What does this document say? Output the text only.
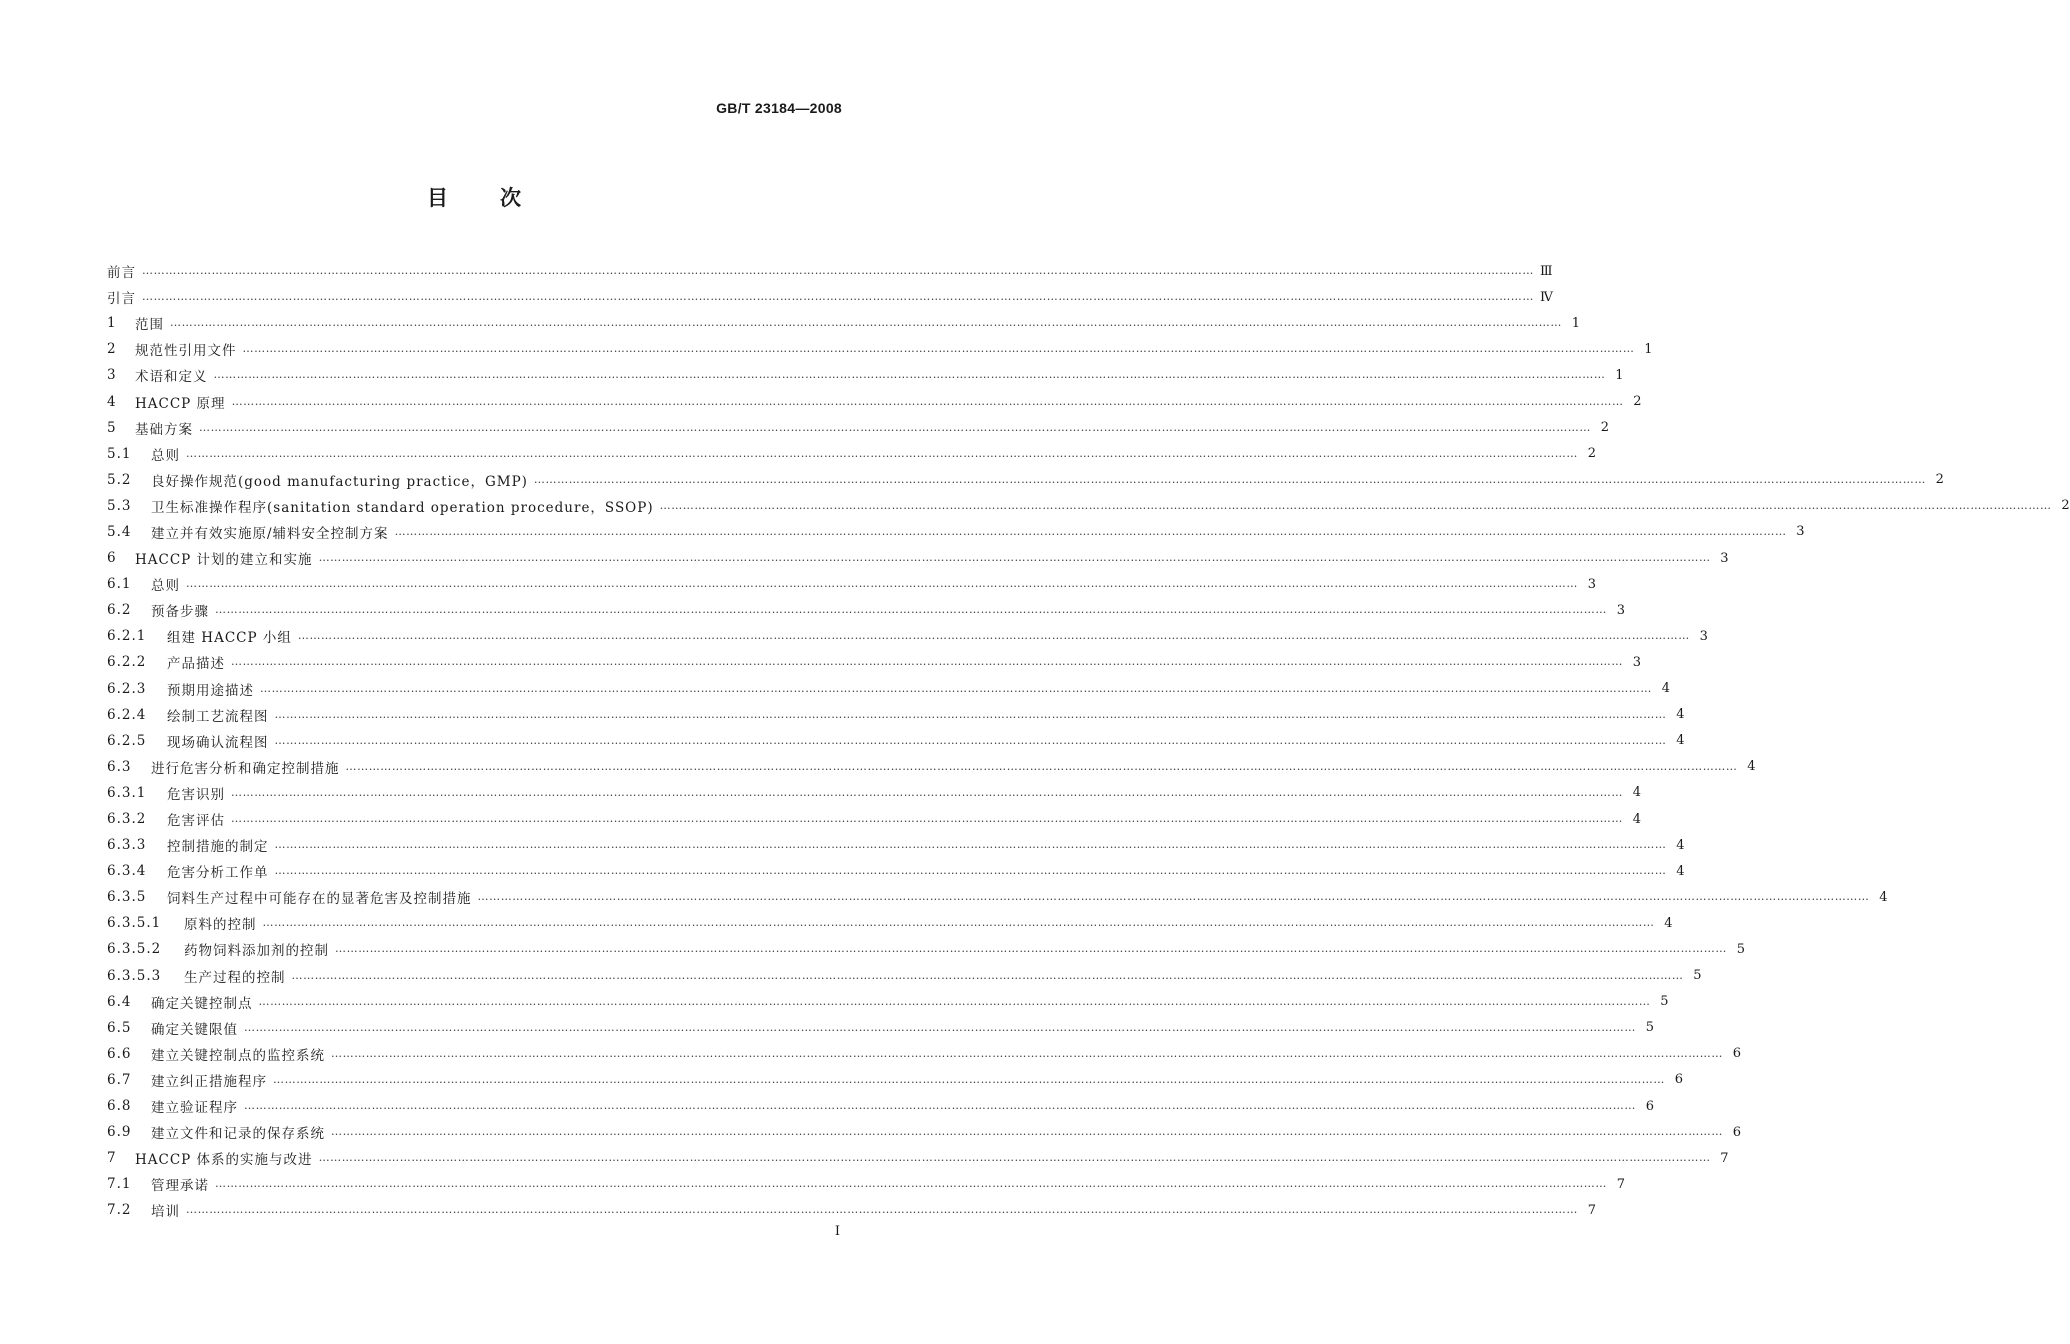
GB/T 23184—2008
目 次
前言 ……………………………………………………………………………………………………………………………………………………………………………………………………………………………………………………………………………………………………………………………… Ⅲ
引言 ……………………………………………………………………………………………………………………………………………………………………………………………………………………………………………………………………………………………………………………………… Ⅳ
1	范围 ……………………………………………………………………………………………………………………………………………………………………………………………………………………………………………………………………………………………………………………………… 1
2	规范性引用文件 ……………………………………………………………………………………………………………………………………………………………………………………………………………………………………………………………………………………………………………………………… 1
3	术语和定义 ……………………………………………………………………………………………………………………………………………………………………………………………………………………………………………………………………………………………………………………………… 1
4	HACCP 原理 ……………………………………………………………………………………………………………………………………………………………………………………………………………………………………………………………………………………………………………………………… 2
5	基础方案 ……………………………………………………………………………………………………………………………………………………………………………………………………………………………………………………………………………………………………………………………… 2
5.1	总则 ……………………………………………………………………………………………………………………………………………………………………………………………………………………………………………………………………………………………………………………………… 2
5.2	良好操作规范(good manufacturing practice，GMP) ……………………………………………………………………………………………………………………………………………………………………………………………………………………………………………………………………………………………………………………………… 2
5.3	卫生标准操作程序(sanitation standard operation procedure，SSOP) ……………………………………………………………………………………………………………………………………………………………………………………………………………………………………………………………………………………………………………………………… 2
5.4	建立并有效实施原/辅料安全控制方案 ……………………………………………………………………………………………………………………………………………………………………………………………………………………………………………………………………………………………………………………………… 3
6	HACCP 计划的建立和实施 ……………………………………………………………………………………………………………………………………………………………………………………………………………………………………………………………………………………………………………………………… 3
6.1	总则 ……………………………………………………………………………………………………………………………………………………………………………………………………………………………………………………………………………………………………………………………… 3
6.2	预备步骤 ……………………………………………………………………………………………………………………………………………………………………………………………………………………………………………………………………………………………………………………………… 3
6.2.1	组建 HACCP 小组 ……………………………………………………………………………………………………………………………………………………………………………………………………………………………………………………………………………………………………………………………… 3
6.2.2	产品描述 ……………………………………………………………………………………………………………………………………………………………………………………………………………………………………………………………………………………………………………………………… 3
6.2.3	预期用途描述 ……………………………………………………………………………………………………………………………………………………………………………………………………………………………………………………………………………………………………………………………… 4
6.2.4	绘制工艺流程图 ……………………………………………………………………………………………………………………………………………………………………………………………………………………………………………………………………………………………………………………………… 4
6.2.5	现场确认流程图 ……………………………………………………………………………………………………………………………………………………………………………………………………………………………………………………………………………………………………………………………… 4
6.3	进行危害分析和确定控制措施 ……………………………………………………………………………………………………………………………………………………………………………………………………………………………………………………………………………………………………………………………… 4
6.3.1	危害识别 ……………………………………………………………………………………………………………………………………………………………………………………………………………………………………………………………………………………………………………………………… 4
6.3.2	危害评估 ……………………………………………………………………………………………………………………………………………………………………………………………………………………………………………………………………………………………………………………………… 4
6.3.3	控制措施的制定 ……………………………………………………………………………………………………………………………………………………………………………………………………………………………………………………………………………………………………………………………… 4
6.3.4	危害分析工作单 ……………………………………………………………………………………………………………………………………………………………………………………………………………………………………………………………………………………………………………………………… 4
6.3.5	饲料生产过程中可能存在的显著危害及控制措施 ……………………………………………………………………………………………………………………………………………………………………………………………………………………………………………………………………………………………………………………………… 4
6.3.5.1	原料的控制 ……………………………………………………………………………………………………………………………………………………………………………………………………………………………………………………………………………………………………………………………… 4
6.3.5.2	药物饲料添加剂的控制 ……………………………………………………………………………………………………………………………………………………………………………………………………………………………………………………………………………………………………………………………… 5
6.3.5.3	生产过程的控制 ……………………………………………………………………………………………………………………………………………………………………………………………………………………………………………………………………………………………………………………………… 5
6.4	确定关键控制点 ……………………………………………………………………………………………………………………………………………………………………………………………………………………………………………………………………………………………………………………………… 5
6.5	确定关键限值 ……………………………………………………………………………………………………………………………………………………………………………………………………………………………………………………………………………………………………………………………… 5
6.6	建立关键控制点的监控系统 ……………………………………………………………………………………………………………………………………………………………………………………………………………………………………………………………………………………………………………………………… 6
6.7	建立纠正措施程序 ……………………………………………………………………………………………………………………………………………………………………………………………………………………………………………………………………………………………………………………………… 6
6.8	建立验证程序 ……………………………………………………………………………………………………………………………………………………………………………………………………………………………………………………………………………………………………………………………… 6
6.9	建立文件和记录的保存系统 ……………………………………………………………………………………………………………………………………………………………………………………………………………………………………………………………………………………………………………………………… 6
7	HACCP 体系的实施与改进 ……………………………………………………………………………………………………………………………………………………………………………………………………………………………………………………………………………………………………………………………… 7
7.1	管理承诺 ……………………………………………………………………………………………………………………………………………………………………………………………………………………………………………………………………………………………………………………………… 7
7.2	培训 ……………………………………………………………………………………………………………………………………………………………………………………………………………………………………………………………………………………………………………………………… 7
Ⅰ
